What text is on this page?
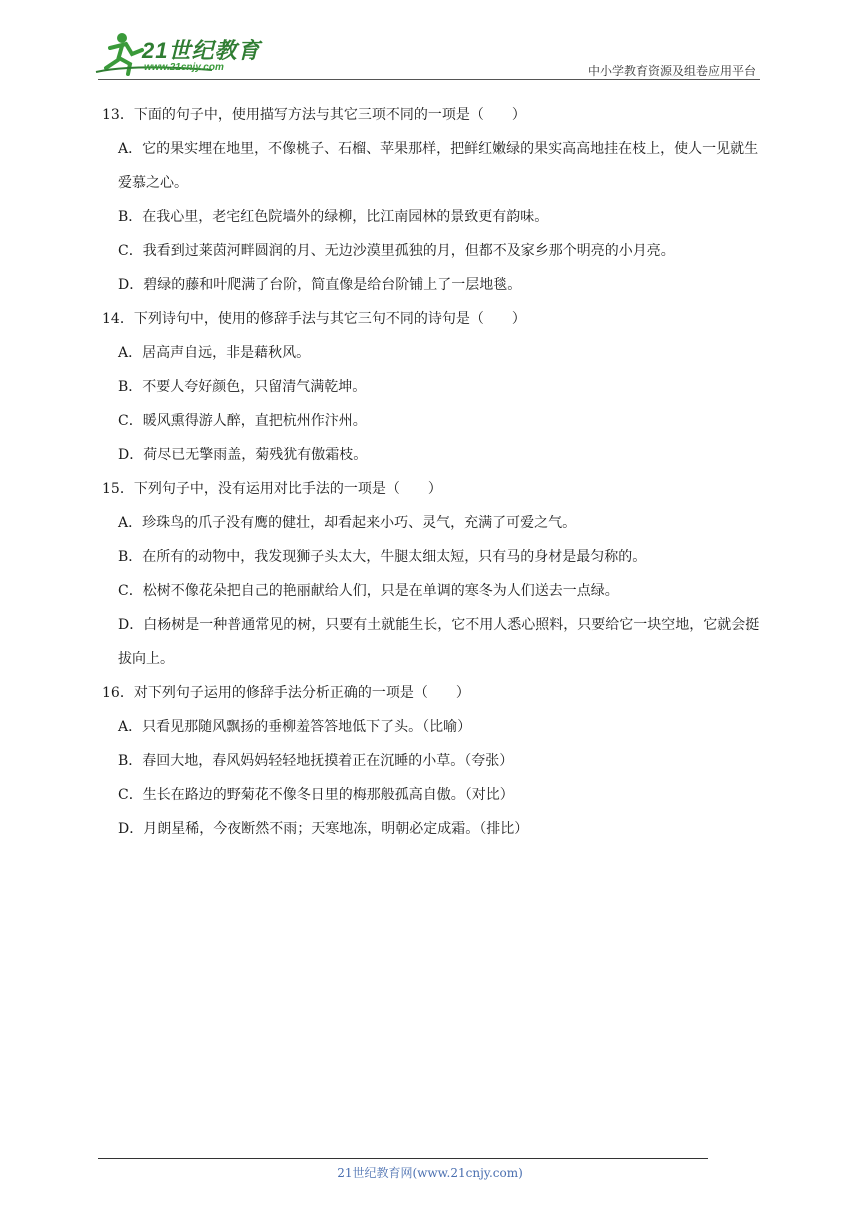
21世纪教育
www.21cnjy.com	中小学教育资源及组卷应用平台
13．下面的句子中，使用描写方法与其它三项不同的一项是（　　）
A．它的果实埋在地里，不像桃子、石榴、苹果那样，把鲜红嫩绿的果实高高地挂在枝上，使人一见就生爱慕之心。
B．在我心里，老宅红色院墙外的绿柳，比江南园林的景致更有韵味。
C．我看到过莱茵河畔圆润的月、无边沙漠里孤独的月，但都不及家乡那个明亮的小月亮。
D．碧绿的藤和叶爬满了台阶，简直像是给台阶铺上了一层地毯。
14．下列诗句中，使用的修辞手法与其它三句不同的诗句是（　　）
A．居高声自远，非是藉秋风。
B．不要人夸好颜色，只留清气满乾坤。
C．暖风熏得游人醉，直把杭州作汴州。
D．荷尽已无擎雨盖，菊残犹有傲霜枝。
15．下列句子中，没有运用对比手法的一项是（　　）
A．珍珠鸟的爪子没有鹰的健壮，却看起来小巧、灵气，充满了可爱之气。
B．在所有的动物中，我发现狮子头太大，牛腿太细太短，只有马的身材是最匀称的。
C．松树不像花朵把自己的艳丽献给人们，只是在单调的寒冬为人们送去一点绿。
D．白杨树是一种普通常见的树，只要有土就能生长，它不用人悉心照料，只要给它一块空地，它就会挺拔向上。
16．对下列句子运用的修辞手法分析正确的一项是（　　）
A．只看见那随风飘扬的垂柳羞答答地低下了头。（比喻）
B．春回大地，春风妈妈轻轻地抚摸着正在沉睡的小草。（夸张）
C．生长在路边的野菊花不像冬日里的梅那般孤高自傲。（对比）
D．月朗星稀，今夜断然不雨；天寒地冻，明朝必定成霜。（排比）
21世纪教育网(www.21cnjy.com)
